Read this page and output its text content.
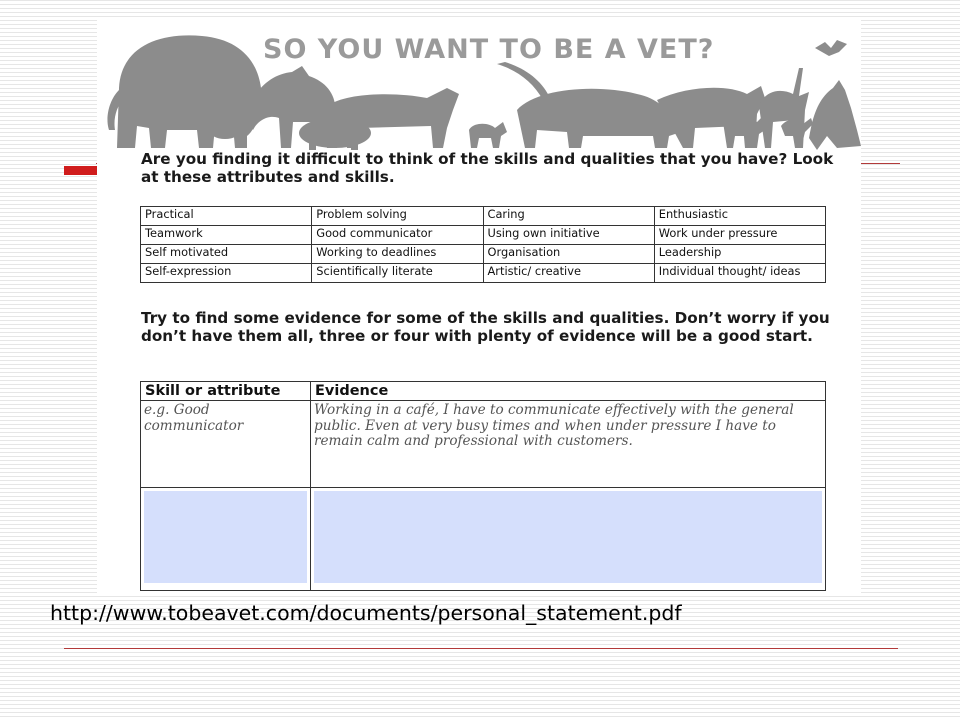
SO YOU WANT TO BE A VET?

Are you finding it difficult to think of the skills and qualities that you have? Look at these attributes and skills.

Practical	Problem solving	Caring	Enthusiastic
Teamwork	Good communicator	Using own initiative	Work under pressure
Self motivated	Working to deadlines	Organisation	Leadership
Self-expression	Scientifically literate	Artistic/ creative	Individual thought/ ideas

Try to find some evidence for some of the skills and qualities. Don’t worry if you don’t have them all, three or four with plenty of evidence will be a good start.

Skill or attribute	Evidence
e.g. Good communicator	Working in a café, I have to communicate effectively with the general public. Even at very busy times and when under pressure I have to remain calm and professional with customers.

http://www.tobeavet.com/documents/personal_statement.pdf
